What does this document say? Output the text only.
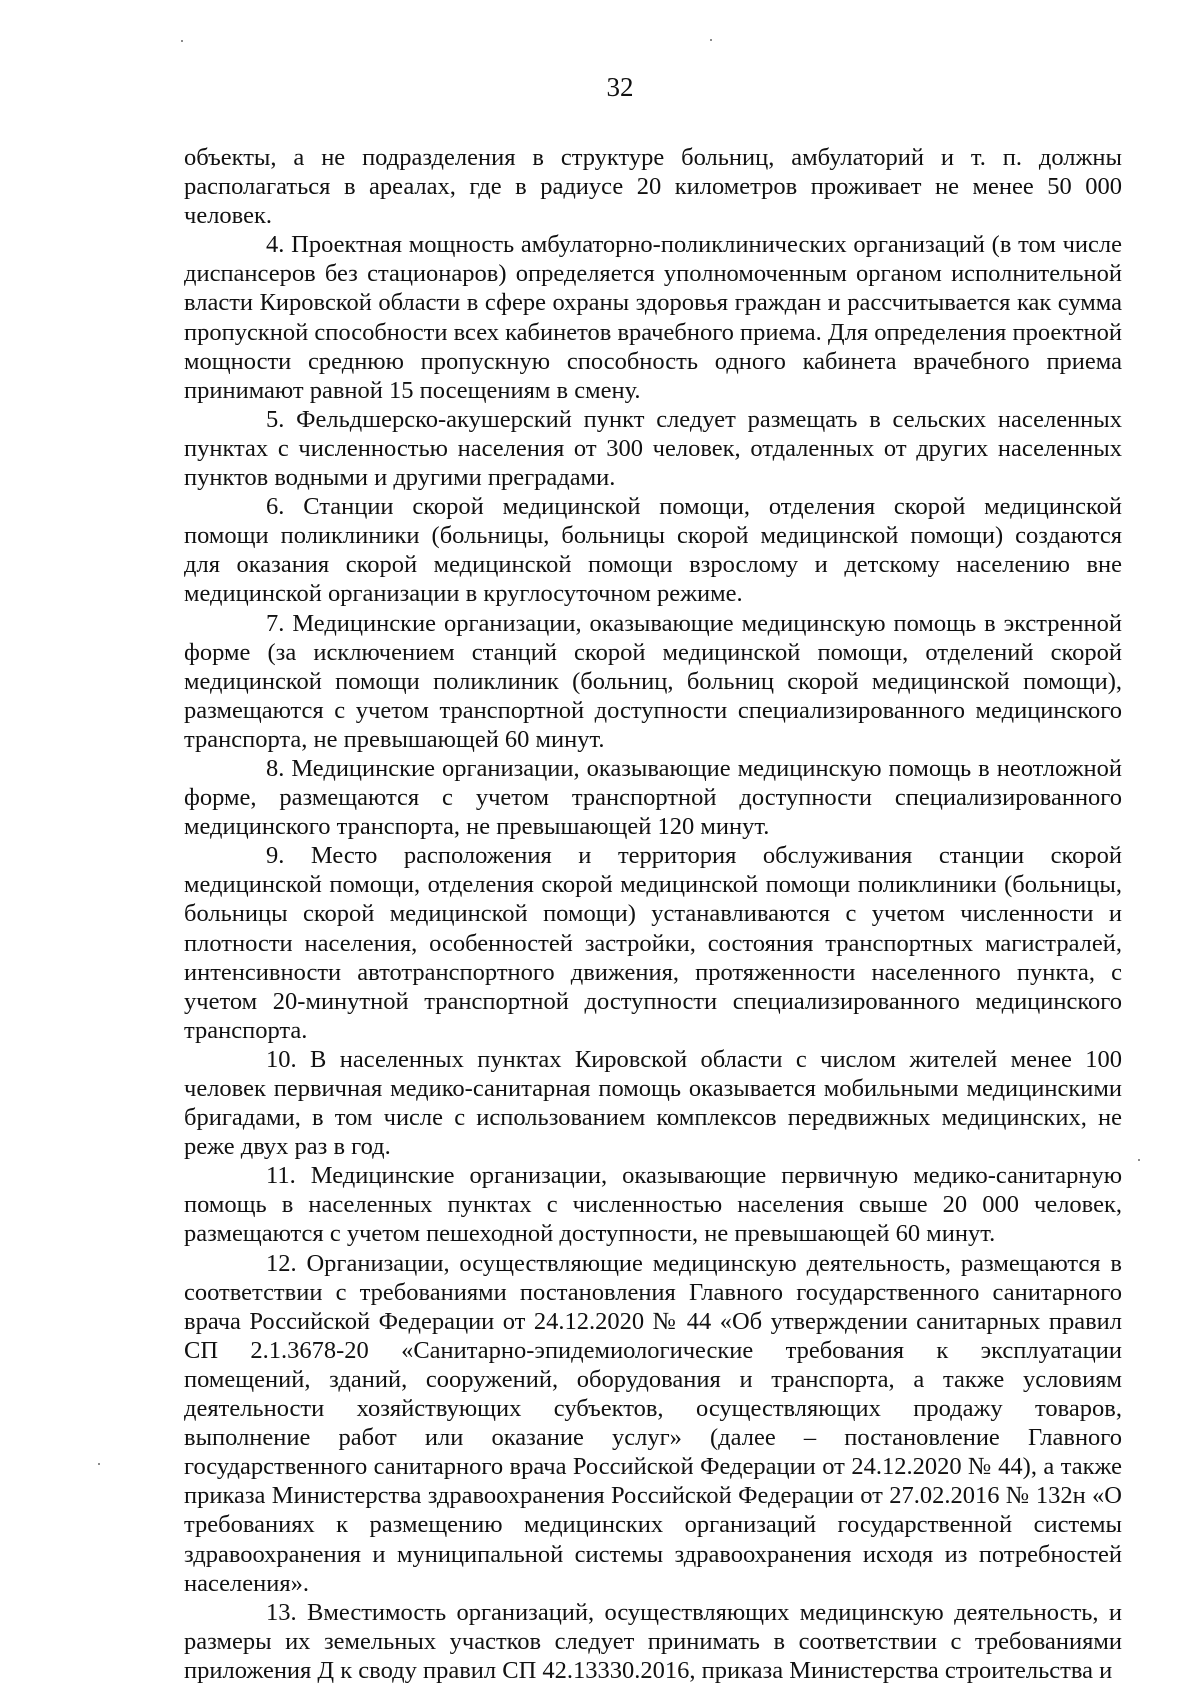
32

объекты, а не подразделения в структуре больниц, амбулаторий и т. п. должны располагаться в ареалах, где в радиусе 20 километров проживает не менее 50 000 человек.

4. Проектная мощность амбулаторно-поликлинических организаций (в том числе диспансеров без стационаров) определяется уполномоченным органом исполнительной власти Кировской области в сфере охраны здоровья граждан и рассчитывается как сумма пропускной способности всех кабинетов врачебного приема. Для определения проектной мощности среднюю пропускную способность одного кабинета врачебного приема принимают равной 15 посещениям в смену.

5. Фельдшерско-акушерский пункт следует размещать в сельских населенных пунктах с численностью населения от 300 человек, отдаленных от других населенных пунктов водными и другими преградами.

6. Станции скорой медицинской помощи, отделения скорой медицинской помощи поликлиники (больницы, больницы скорой медицинской помощи) создаются для оказания скорой медицинской помощи взрослому и детскому населению вне медицинской организации в круглосуточном режиме.

7. Медицинские организации, оказывающие медицинскую помощь в экстренной форме (за исключением станций скорой медицинской помощи, отделений скорой медицинской помощи поликлиник (больниц, больниц скорой медицинской помощи), размещаются с учетом транспортной доступности специализированного медицинского транспорта, не превышающей 60 минут.

8. Медицинские организации, оказывающие медицинскую помощь в неотложной форме, размещаются с учетом транспортной доступности специализированного медицинского транспорта, не превышающей 120 минут.

9. Место расположения и территория обслуживания станции скорой медицинской помощи, отделения скорой медицинской помощи поликлиники (больницы, больницы скорой медицинской помощи) устанавливаются с учетом численности и плотности населения, особенностей застройки, состояния транспортных магистралей, интенсивности автотранспортного движения, протяженности населенного пункта, с учетом 20-минутной транспортной доступности специализированного медицинского транспорта.

10. В населенных пунктах Кировской области с числом жителей менее 100 человек первичная медико-санитарная помощь оказывается мобильными медицинскими бригадами, в том числе с использованием комплексов передвижных медицинских, не реже двух раз в год.

11. Медицинские организации, оказывающие первичную медико-санитарную помощь в населенных пунктах с численностью населения свыше 20 000 человек, размещаются с учетом пешеходной доступности, не превышающей 60 минут.

12. Организации, осуществляющие медицинскую деятельность, размещаются в соответствии с требованиями постановления Главного государственного санитарного врача Российской Федерации от 24.12.2020 № 44 «Об утверждении санитарных правил СП 2.1.3678-20 «Санитарно-эпидемиологические требования к эксплуатации помещений, зданий, сооружений, оборудования и транспорта, а также условиям деятельности хозяйствующих субъектов, осуществляющих продажу товаров, выполнение работ или оказание услуг» (далее – постановление Главного государственного санитарного врача Российской Федерации от 24.12.2020 № 44), а также приказа Министерства здравоохранения Российской Федерации от 27.02.2016 № 132н «О требованиях к размещению медицинских организаций государственной системы здравоохранения и муниципальной системы здравоохранения исходя из потребностей населения».

13. Вместимость организаций, осуществляющих медицинскую деятельность, и размеры их земельных участков следует принимать в соответствии с требованиями приложения Д к своду правил СП 42.13330.2016, приказа Министерства строительства и
